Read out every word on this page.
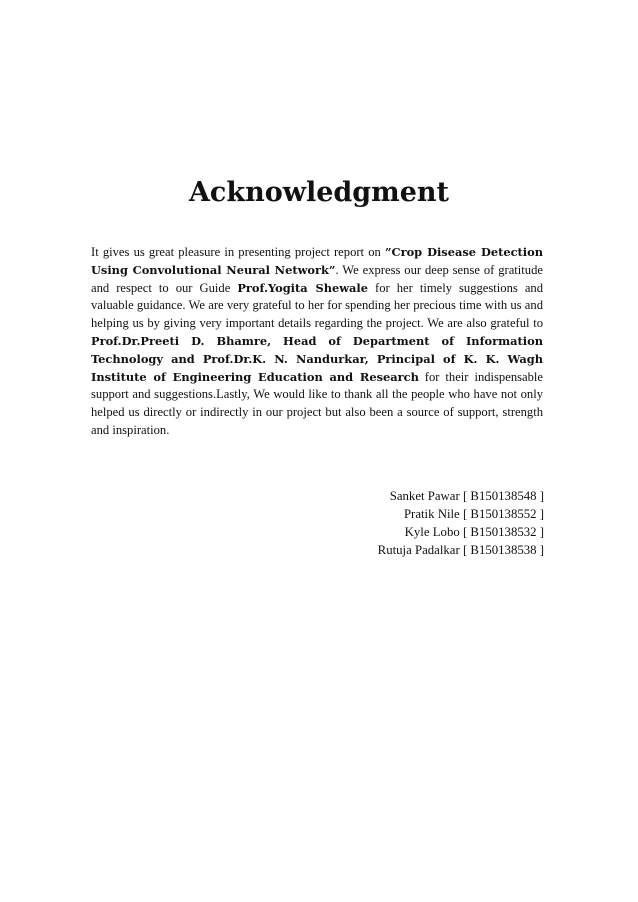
Acknowledgment
It gives us great pleasure in presenting project report on ”Crop Disease Detection Using Convolutional Neural Network”. We express our deep sense of gratitude and respect to our Guide Prof.Yogita Shewale for her timely suggestions and valuable guidance. We are very grateful to her for spending her precious time with us and helping us by giving very important details regarding the project. We are also grateful to Prof.Dr.Preeti D. Bhamre, Head of Department of Information Technology and Prof.Dr.K. N. Nandurkar, Principal of K. K. Wagh Institute of Engineering Education and Research for their indispensable support and suggestions.Lastly, We would like to thank all the people who have not only helped us directly or indirectly in our project but also been a source of support, strength and inspiration.
Sanket Pawar [ B150138548 ]
Pratik Nile [ B150138552 ]
Kyle Lobo [ B150138532 ]
Rutuja Padalkar [ B150138538 ]
